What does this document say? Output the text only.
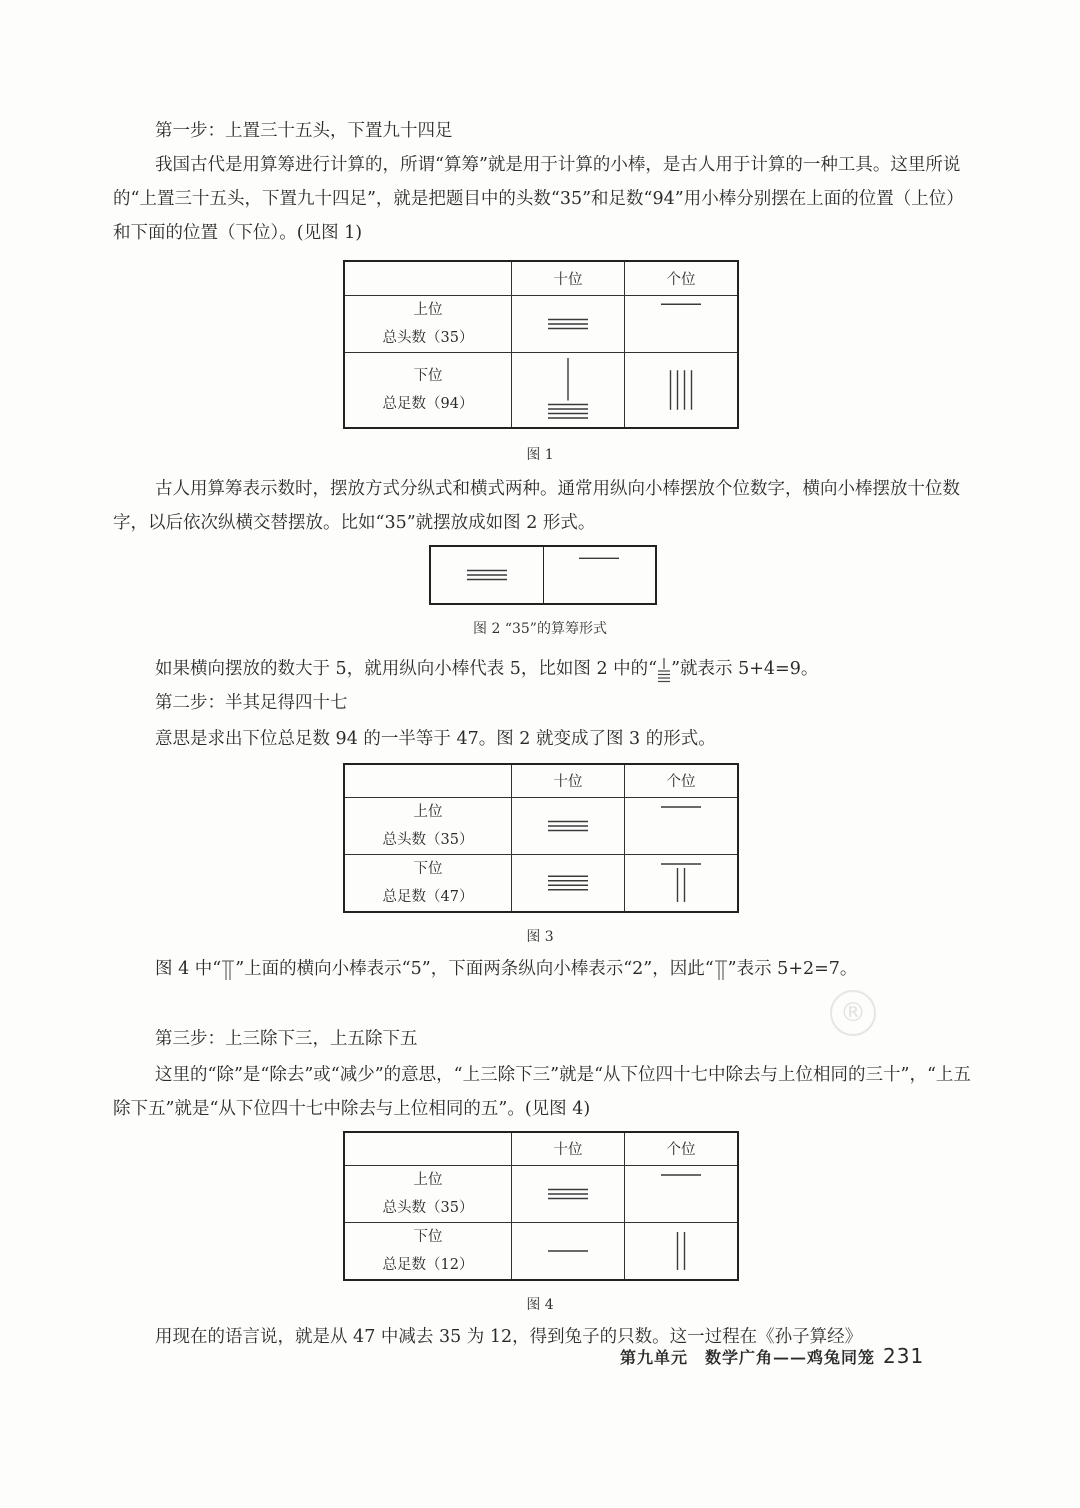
第一步：上置三十五头，下置九十四足

我国古代是用算筹进行计算的，所谓“算筹”就是用于计算的小棒，是古人用于计算的一种工具。这里所说的“上置三十五头，下置九十四足”，就是把题目中的头数“35”和足数“94”用小棒分别摆在上面的位置（上位）和下面的位置（下位）。(见图 1)

	十位	个位

上位
总头数（35）

下位
总足数（94）

图 1

古人用算筹表示数时，摆放方式分纵式和横式两种。通常用纵向小棒摆放个位数字，横向小棒摆放十位数字，以后依次纵横交替摆放。比如“35”就摆放成如图 2 形式。

图 2 “35”的算筹形式

如果横向摆放的数大于 5，就用纵向小棒代表 5，比如图 2 中的“ ”就表示 5+4=9。

第二步：半其足得四十七

意思是求出下位总足数 94 的一半等于 47。图 2 就变成了图 3 的形式。

	十位	个位

上位
总头数（35）

下位
总足数（47）

图 3

图 4 中“ ”上面的横向小棒表示“5”，下面两条纵向小棒表示“2”，因此“ ”表示 5+2=7。

第三步：上三除下三，上五除下五

这里的“除”是“除去”或“减少”的意思，“上三除下三”就是“从下位四十七中除去与上位相同的三十”，“上五除下五”就是“从下位四十七中除去与上位相同的五”。(见图 4)

	十位	个位

上位
总头数（35）

下位
总足数（12）

图 4

用现在的语言说，就是从 47 中减去 35 为 12，得到兔子的只数。这一过程在《孙子算经》

第九单元　数学广角——鸡兔同笼 231
®
